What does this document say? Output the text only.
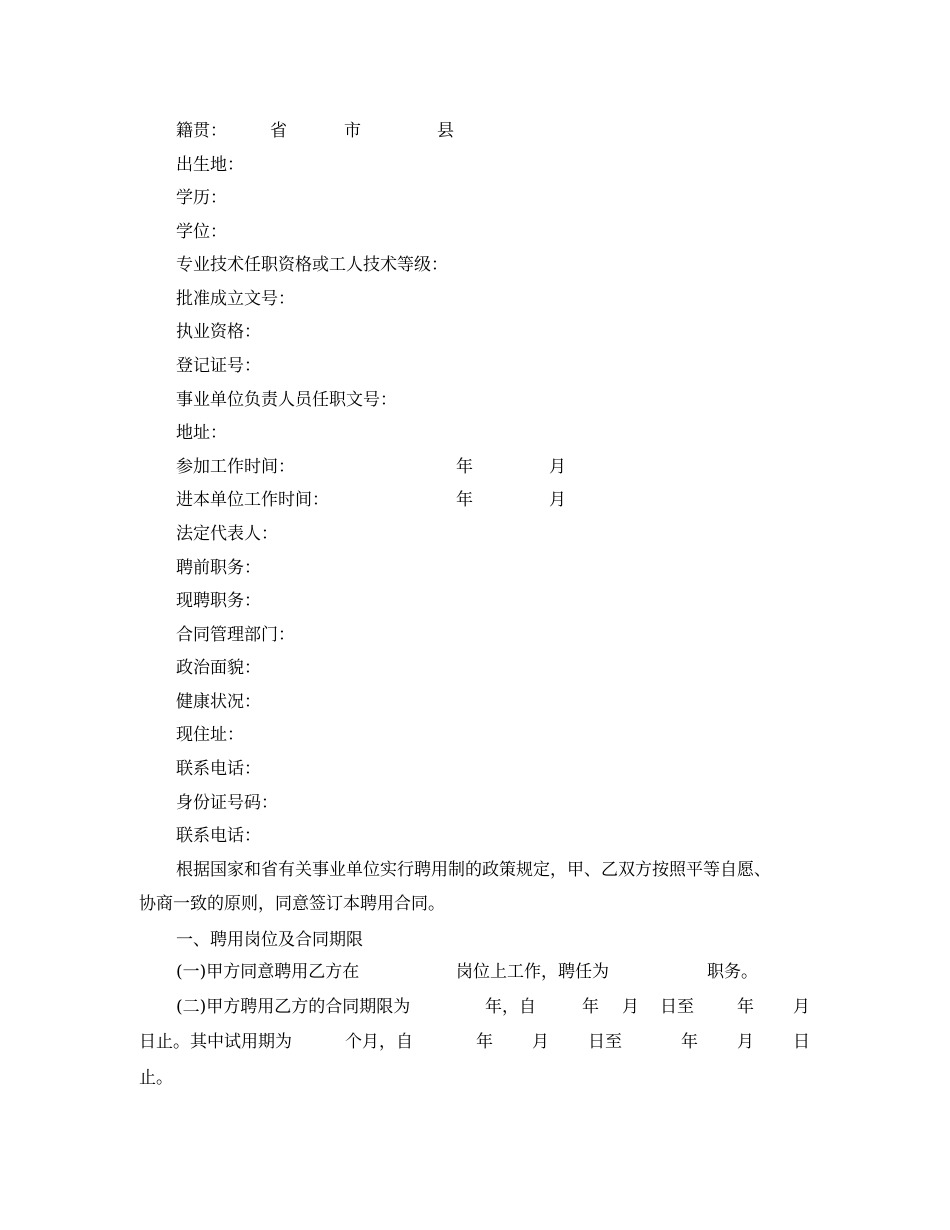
籍贯：	省	市	县
出生地：
学历：
学位：
专业技术任职资格或工人技术等级：
批准成立文号：
执业资格：
登记证号：
事业单位负责人员任职文号：
地址：
参加工作时间：	年	月
进本单位工作时间：	年	月
法定代表人：
聘前职务：
现聘职务：
合同管理部门：
政治面貌：
健康状况：
现住址：
联系电话：
身份证号码：
联系电话：
根据国家和省有关事业单位实行聘用制的政策规定，甲、乙双方按照平等自愿、
协商一致的原则，同意签订本聘用合同。
一、聘用岗位及合同期限
(一)甲方同意聘用乙方在	岗位上工作，聘任为	职务。
(二)甲方聘用乙方的合同期限为	年，自	年 月 日至	年 月
日止。其中试用期为	个月，自	年 月 日至	年 月 日
止。
